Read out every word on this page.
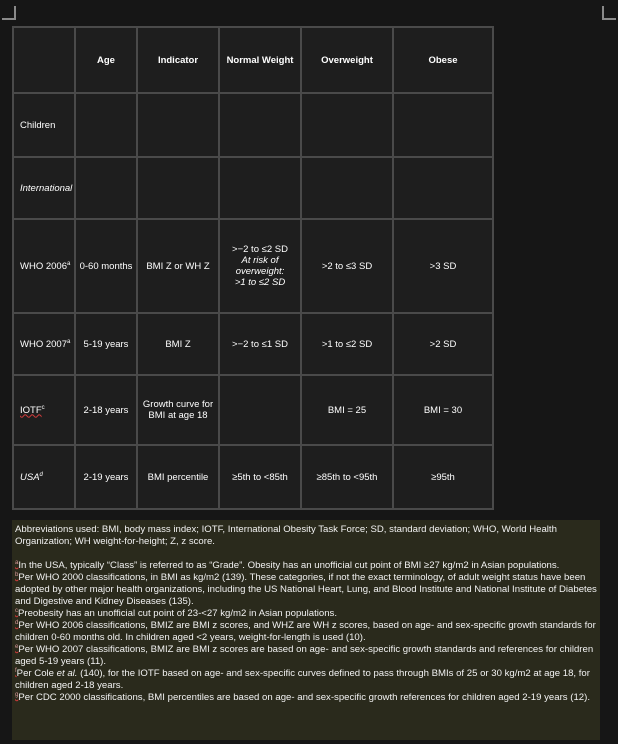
	Age	Indicator	Normal Weight	Overweight	Obese
Children					
International					
WHO 2006$^a$	0-60 months	BMI Z or WH Z	>−2 to ≤2 SD
At risk of
overweight:
>1 to ≤2 SD	>2 to ≤3 SD	>3 SD
WHO 2007$^a$	5-19 years	BMI Z	>−2 to ≤1 SD	>1 to ≤2 SD	>2 SD
IOTF$^c$	2-18 years	Growth curve for
BMI at age 18		BMI = 25	BMI = 30
USA$^d$	2-19 years	BMI percentile	≥5th to <85th	≥85th to <95th	≥95th

Abbreviations used: BMI, body mass index; IOTF, International Obesity Task Force; SD, standard deviation; WHO, World Health Organization; WH weight-for-height; Z, z score.

$^a$In the USA, typically “Class” is referred to as “Grade”. Obesity has an unofficial cut point of BMI ≥27 kg/m2 in Asian populations.

$^b$Per WHO 2000 classifications, in BMI as kg/m2 (139). These categories, if not the exact terminology, of adult weight status have been adopted by other major health organizations, including the US National Heart, Lung, and Blood Institute and National Institute of Diabetes and Digestive and Kidney Diseases (135).

$^c$Preobesity has an unofficial cut point of 23-<27 kg/m2 in Asian populations.

$^d$Per WHO 2006 classifications, BMIZ are BMI z scores, and WHZ are WH z scores, based on age- and sex-specific growth standards for children 0-60 months old. In children aged <2 years, weight-for-length is used (10).

$^e$Per WHO 2007 classifications, BMIZ are BMI z scores are based on age- and sex-specific growth standards and references for children aged 5-19 years (11).

$^f$Per Cole et al. (140), for the IOTF based on age- and sex-specific curves defined to pass through BMIs of 25 or 30 kg/m2 at age 18, for children aged 2-18 years.

$^g$Per CDC 2000 classifications, BMI percentiles are based on age- and sex-specific growth references for children aged 2-19 years (12).
